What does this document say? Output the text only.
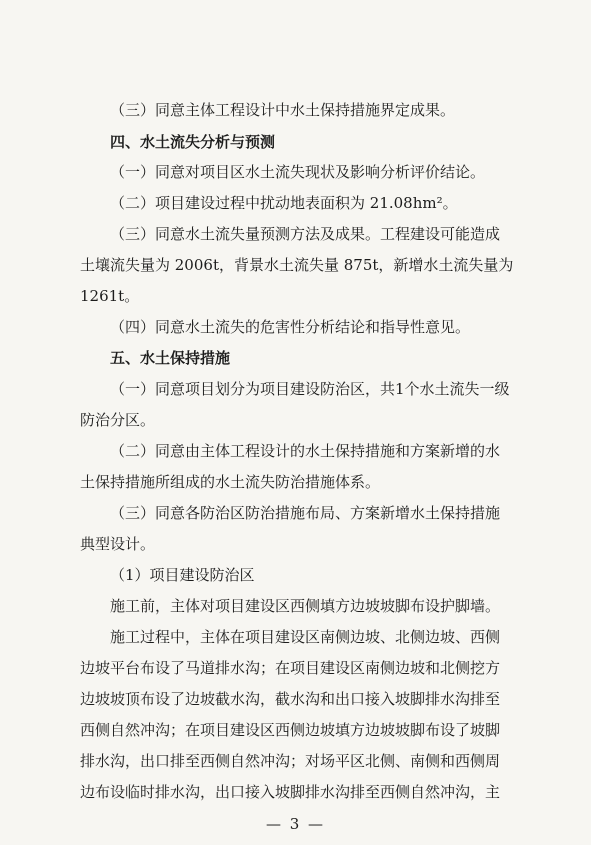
（三）同意主体工程设计中水土保持措施界定成果。

四、水土流失分析与预测

（一）同意对项目区水土流失现状及影响分析评价结论。

（二）项目建设过程中扰动地表面积为 21.08hm²。

（三）同意水土流失量预测方法及成果。工程建设可能造成

土壤流失量为 2006t，背景水土流失量 875t，新增水土流失量为

1261t。

（四）同意水土流失的危害性分析结论和指导性意见。

五、水土保持措施

（一）同意项目划分为项目建设防治区，共1个水土流失一级

防治分区。

（二）同意由主体工程设计的水土保持措施和方案新增的水

土保持措施所组成的水土流失防治措施体系。

（三）同意各防治区防治措施布局、方案新增水土保持措施

典型设计。

（1）项目建设防治区

施工前，主体对项目建设区西侧填方边坡坡脚布设护脚墙。

施工过程中，主体在项目建设区南侧边坡、北侧边坡、西侧

边坡平台布设了马道排水沟；在项目建设区南侧边坡和北侧挖方

边坡坡顶布设了边坡截水沟，截水沟和出口接入坡脚排水沟排至

西侧自然冲沟；在项目建设区西侧边坡填方边坡坡脚布设了坡脚

排水沟，出口排至西侧自然冲沟；对场平区北侧、南侧和西侧周

边布设临时排水沟，出口接入坡脚排水沟排至西侧自然冲沟，主

— 3 —
